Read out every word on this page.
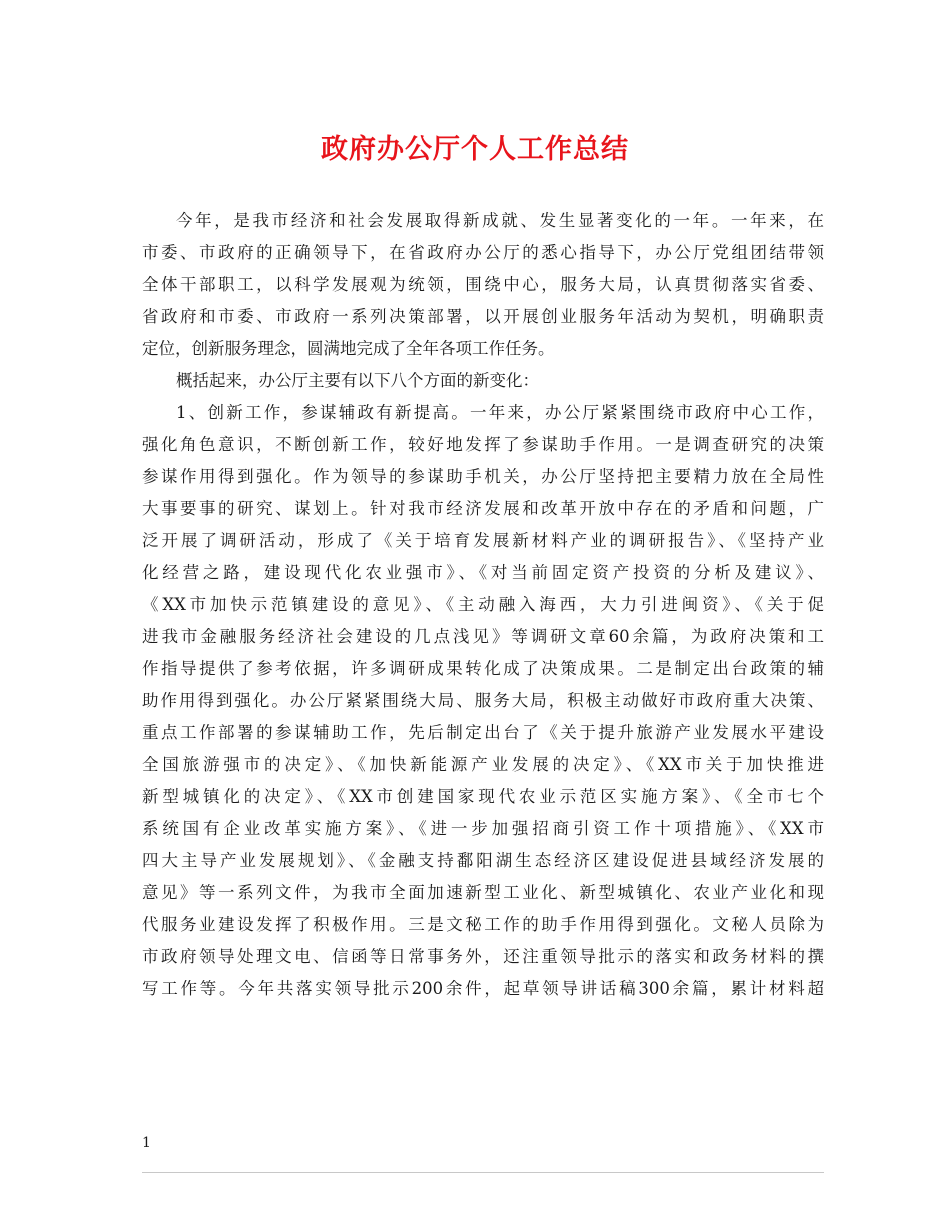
政府办公厅个人工作总结
今年，是我市经济和社会发展取得新成就、发生显著变化的一年。一年来，在
市委、市政府的正确领导下，在省政府办公厅的悉心指导下，办公厅党组团结带领
全体干部职工，以科学发展观为统领，围绕中心，服务大局，认真贯彻落实省委、
省政府和市委、市政府一系列决策部署，以开展创业服务年活动为契机，明确职责
定位，创新服务理念，圆满地完成了全年各项工作任务。
概括起来，办公厅主要有以下八个方面的新变化：
1、创新工作，参谋辅政有新提高。一年来，办公厅紧紧围绕市政府中心工作，
强化角色意识，不断创新工作，较好地发挥了参谋助手作用。一是调查研究的决策
参谋作用得到强化。作为领导的参谋助手机关，办公厅坚持把主要精力放在全局性
大事要事的研究、谋划上。针对我市经济发展和改革开放中存在的矛盾和问题，广
泛开展了调研活动，形成了《关于培育发展新材料产业的调研报告》、《坚持产业
化经营之路，建设现代化农业强市》、《对当前固定资产投资的分析及建议》、
《XX市加快示范镇建设的意见》、《主动融入海西，大力引进闽资》、《关于促
进我市金融服务经济社会建设的几点浅见》等调研文章60余篇，为政府决策和工
作指导提供了参考依据，许多调研成果转化成了决策成果。二是制定出台政策的辅
助作用得到强化。办公厅紧紧围绕大局、服务大局，积极主动做好市政府重大决策、
重点工作部署的参谋辅助工作，先后制定出台了《关于提升旅游产业发展水平建设
全国旅游强市的决定》、《加快新能源产业发展的决定》、《XX市关于加快推进
新型城镇化的决定》、《XX市创建国家现代农业示范区实施方案》、《全市七个
系统国有企业改革实施方案》、《进一步加强招商引资工作十项措施》、《XX市
四大主导产业发展规划》、《金融支持鄱阳湖生态经济区建设促进县域经济发展的
意见》等一系列文件，为我市全面加速新型工业化、新型城镇化、农业产业化和现
代服务业建设发挥了积极作用。三是文秘工作的助手作用得到强化。文秘人员除为
市政府领导处理文电、信函等日常事务外，还注重领导批示的落实和政务材料的撰
写工作等。今年共落实领导批示200余件，起草领导讲话稿300余篇，累计材料超
1
